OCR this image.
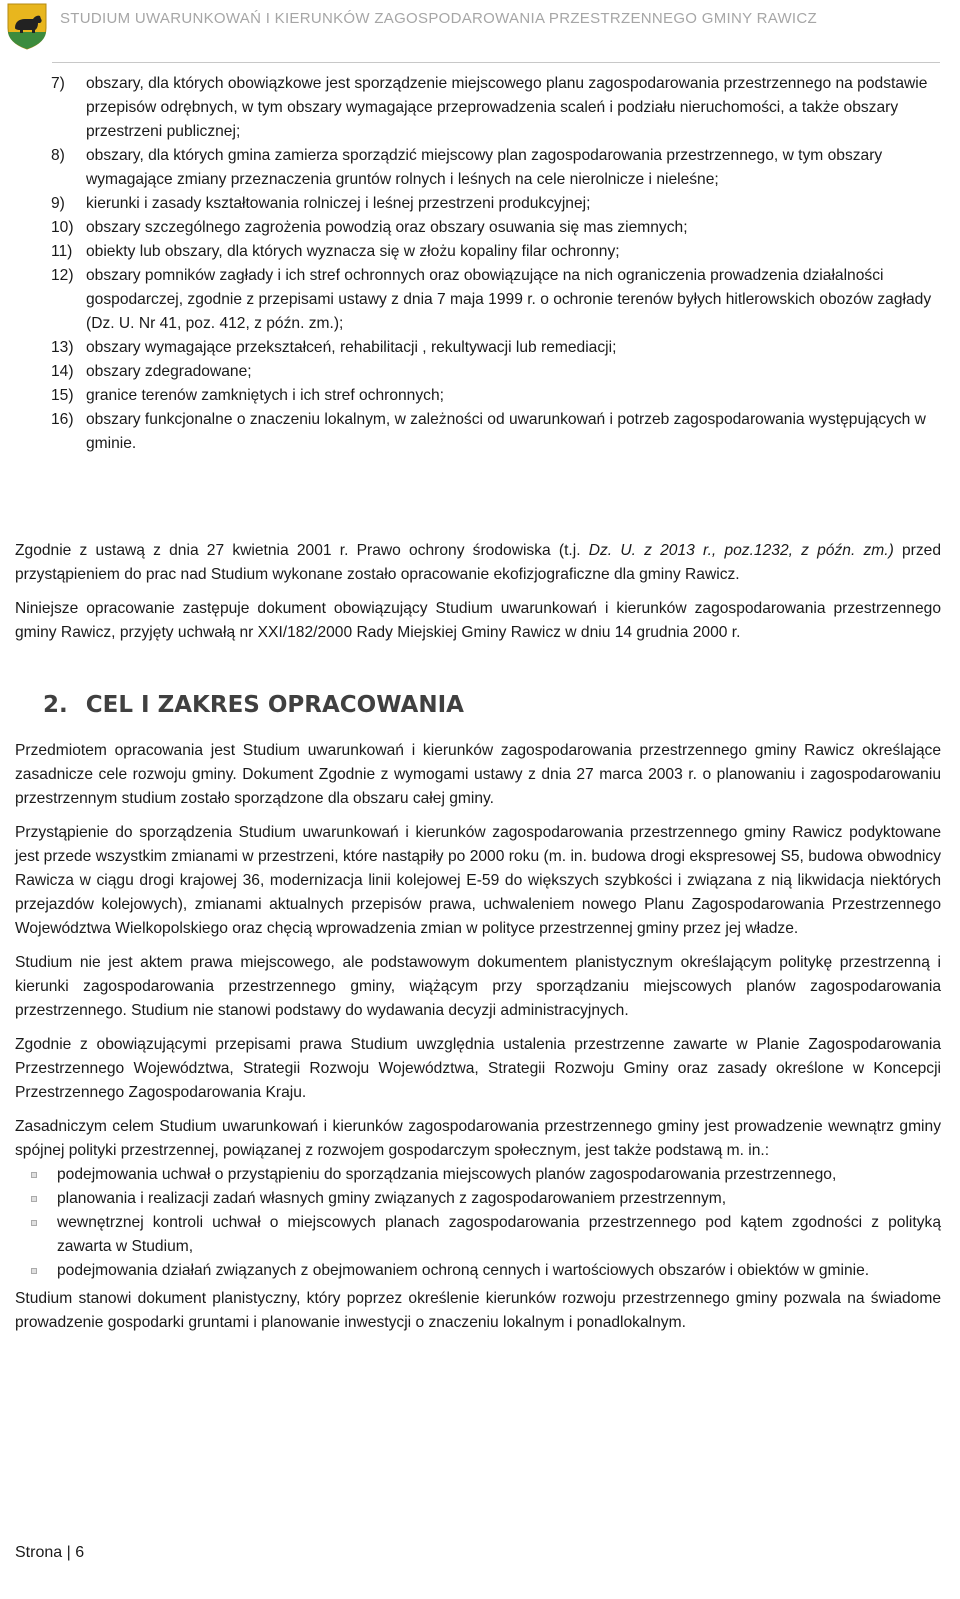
STUDIUM UWARUNKOWAŃ I KIERUNKÓW ZAGOSPODAROWANIA PRZESTRZENNEGO GMINY RAWICZ
7) obszary, dla których obowiązkowe jest sporządzenie miejscowego planu zagospodarowania przestrzennego na podstawie przepisów odrębnych, w tym obszary wymagające przeprowadzenia scaleń i podziału nieruchomości, a także obszary przestrzeni publicznej;
8) obszary, dla których gmina zamierza sporządzić miejscowy plan zagospodarowania przestrzennego, w tym obszary wymagające zmiany przeznaczenia gruntów rolnych i leśnych na cele nierolnicze i nieleśne;
9) kierunki i zasady kształtowania rolniczej i leśnej przestrzeni produkcyjnej;
10) obszary szczególnego zagrożenia powodzią oraz obszary osuwania się mas ziemnych;
11) obiekty lub obszary, dla których wyznacza się w złożu kopaliny filar ochronny;
12) obszary pomników zagłady i ich stref ochronnych oraz obowiązujące na nich ograniczenia prowadzenia działalności gospodarczej, zgodnie z przepisami ustawy z dnia 7 maja 1999 r. o ochronie terenów byłych hitlerowskich obozów zagłady (Dz. U. Nr 41, poz. 412, z późn. zm.);
13) obszary wymagające przekształceń, rehabilitacji , rekultywacji lub remediacji;
14) obszary zdegradowane;
15) granice terenów zamkniętych i ich stref ochronnych;
16) obszary funkcjonalne o znaczeniu lokalnym, w zależności od uwarunkowań i potrzeb zagospodarowania występujących w gminie.

Zgodnie z ustawą z dnia 27 kwietnia 2001 r. Prawo ochrony środowiska (t.j. Dz. U. z 2013 r., poz.1232, z późn. zm.) przed przystąpieniem do prac nad Studium wykonane zostało opracowanie ekofizjograficzne dla gminy Rawicz.

Niniejsze opracowanie zastępuje dokument obowiązujący Studium uwarunkowań i kierunków zagospodarowania przestrzennego gminy Rawicz, przyjęty uchwałą nr XXI/182/2000 Rady Miejskiej Gminy Rawicz w dniu 14 grudnia 2000 r.

2. CEL I ZAKRES OPRACOWANIA

Przedmiotem opracowania jest Studium uwarunkowań i kierunków zagospodarowania przestrzennego gminy Rawicz określające zasadnicze cele rozwoju gminy. Dokument Zgodnie z wymogami ustawy z dnia 27 marca 2003 r. o planowaniu i zagospodarowaniu przestrzennym studium zostało sporządzone dla obszaru całej gminy.

Przystąpienie do sporządzenia Studium uwarunkowań i kierunków zagospodarowania przestrzennego gminy Rawicz podyktowane jest przede wszystkim zmianami w przestrzeni, które nastąpiły po 2000 roku (m. in. budowa drogi ekspresowej S5, budowa obwodnicy Rawicza w ciągu drogi krajowej 36, modernizacja linii kolejowej E-59 do większych szybkości i związana z nią likwidacja niektórych przejazdów kolejowych), zmianami aktualnych przepisów prawa, uchwaleniem nowego Planu Zagospodarowania Przestrzennego Województwa Wielkopolskiego oraz chęcią wprowadzenia zmian w polityce przestrzennej gminy przez jej władze.

Studium nie jest aktem prawa miejscowego, ale podstawowym dokumentem planistycznym określającym politykę przestrzenną i kierunki zagospodarowania przestrzennego gminy, wiążącym przy sporządzaniu miejscowych planów zagospodarowania przestrzennego. Studium nie stanowi podstawy do wydawania decyzji administracyjnych.

Zgodnie z obowiązującymi przepisami prawa Studium uwzględnia ustalenia przestrzenne zawarte w Planie Zagospodarowania Przestrzennego Województwa, Strategii Rozwoju Województwa, Strategii Rozwoju Gminy oraz zasady określone w Koncepcji Przestrzennego Zagospodarowania Kraju.

Zasadniczym celem Studium uwarunkowań i kierunków zagospodarowania przestrzennego gminy jest prowadzenie wewnątrz gminy spójnej polityki przestrzennej, powiązanej z rozwojem gospodarczym społecznym, jest także podstawą m. in.:

podejmowania uchwał o przystąpieniu do sporządzania miejscowych planów zagospodarowania przestrzennego,
planowania i realizacji zadań własnych gminy związanych z zagospodarowaniem przestrzennym,
wewnętrznej kontroli uchwał o miejscowych planach zagospodarowania przestrzennego pod kątem zgodności z polityką zawarta w Studium,
podejmowania działań związanych z obejmowaniem ochroną cennych i wartościowych obszarów i obiektów w gminie.

Studium stanowi dokument planistyczny, który poprzez określenie kierunków rozwoju przestrzennego gminy pozwala na świadome prowadzenie gospodarki gruntami i planowanie inwestycji o znaczeniu lokalnym i ponadlokalnym.

Strona | 6
